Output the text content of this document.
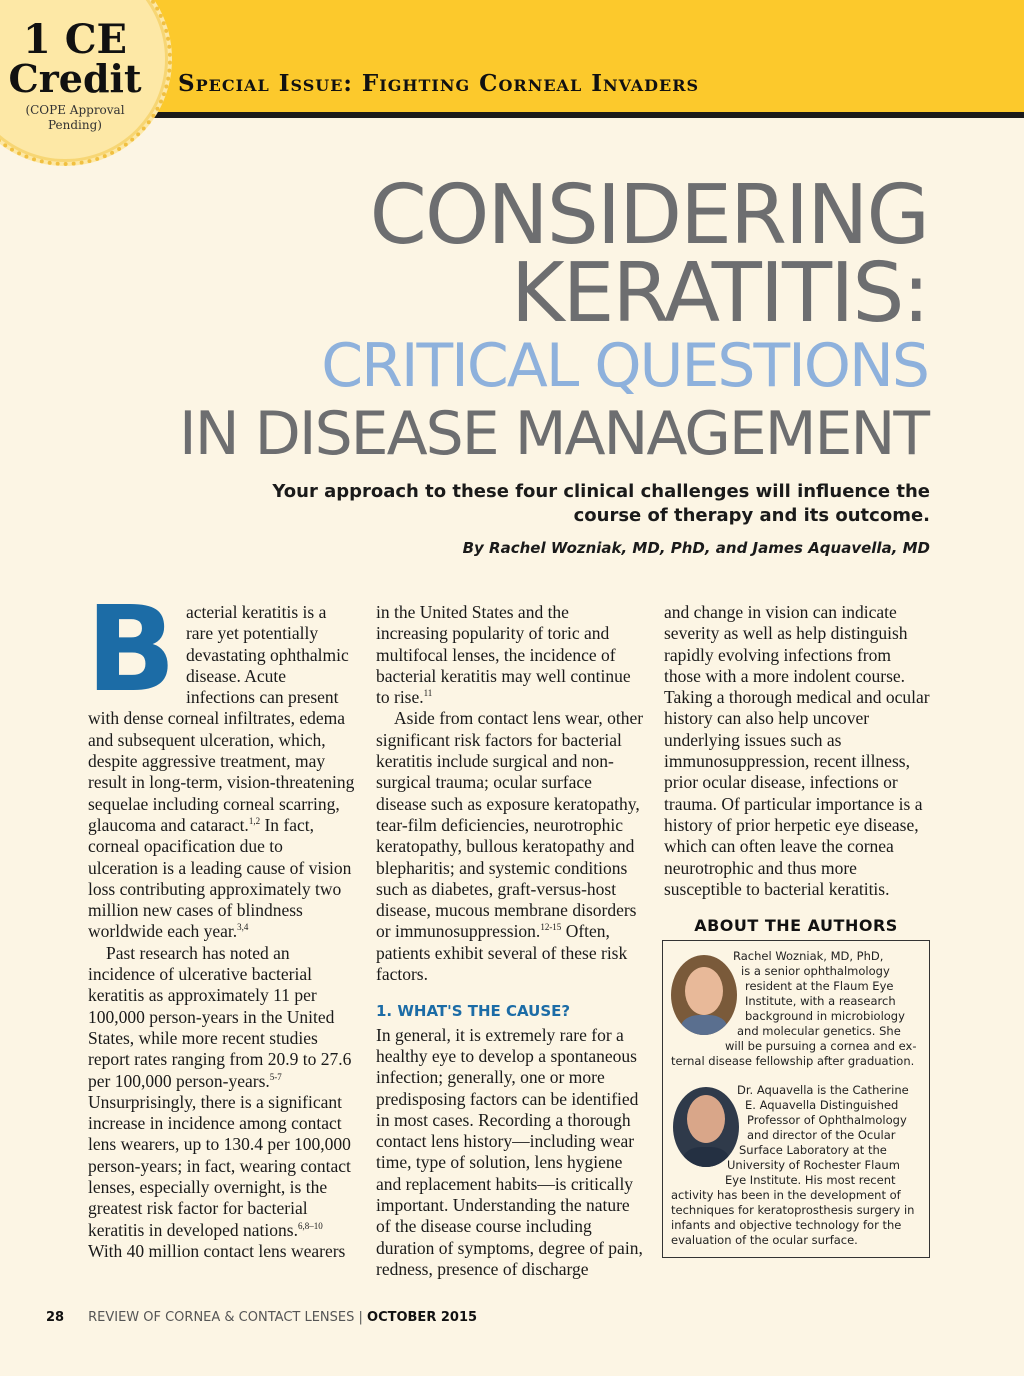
Special Issue: Fighting Corneal Invaders
1 CE
Credit
(COPE Approval
Pending)
CONSIDERING
KERATITIS:
CRITICAL QUESTIONS
IN DISEASE MANAGEMENT
Your approach to these four clinical challenges will influence the course of therapy and its outcome.
By Rachel Wozniak, MD, PhD, and James Aquavella, MD

Bacterial keratitis is a rare yet potentially devastating ophthalmic disease. Acute infections can present with dense corneal infiltrates, edema and subsequent ulceration, which, despite aggressive treatment, may result in long-term, vision-threatening sequelae including corneal scarring, glaucoma and cataract.$^{1,2}$ In fact, corneal opacification due to ulceration is a leading cause of vision loss contributing approximately two million new cases of blindness worldwide each year.$^{3,4}$

Past research has noted an incidence of ulcerative bacterial keratitis as approximately 11 per 100,000 person-years in the United States, while more recent studies report rates ranging from 20.9 to 27.6 per 100,000 person-years.$^{5-7}$ Unsurprisingly, there is a significant increase in incidence among contact lens wearers, up to 130.4 per 100,000 person-years; in fact, wearing contact lenses, especially overnight, is the greatest risk factor for bacterial keratitis in developed nations.$^{6,8-10}$ With 40 million contact lens wearers

in the United States and the increasing popularity of toric and multifocal lenses, the incidence of bacterial keratitis may well continue to rise.$^{11}$

Aside from contact lens wear, other significant risk factors for bacterial keratitis include surgical and non-surgical trauma; ocular surface disease such as exposure keratopathy, tear-film deficiencies, neurotrophic keratopathy, bullous keratopathy and blepharitis; and systemic conditions such as diabetes, graft-versus-host disease, mucous membrane disorders or immunosuppression.$^{12-15}$ Often, patients exhibit several of these risk factors.

1. WHAT'S THE CAUSE?

In general, it is extremely rare for a healthy eye to develop a spontaneous infection; generally, one or more predisposing factors can be identified in most cases. Recording a thorough contact lens history—including wear time, type of solution, lens hygiene and replacement habits—is critically important. Understanding the nature of the disease course including duration of symptoms, degree of pain, redness, presence of discharge

and change in vision can indicate severity as well as help distinguish rapidly evolving infections from those with a more indolent course. Taking a thorough medical and ocular history can also help uncover underlying issues such as immunosuppression, recent illness, prior ocular disease, infections or trauma. Of particular importance is a history of prior herpetic eye disease, which can often leave the cornea neurotrophic and thus more susceptible to bacterial keratitis.

ABOUT THE AUTHORS
Rachel Wozniak, MD, PhD,
is a senior ophthalmology
resident at the Flaum Eye
Institute, with a reasearch
background in microbiology
and molecular genetics. She
will be pursuing a cornea and ex-
ternal disease fellowship after graduation.
Dr. Aquavella is the Catherine
E. Aquavella Distinguished
Professor of Ophthalmology
and director of the Ocular
Surface Laboratory at the
University of Rochester Flaum
Eye Institute. His most recent
activity has been in the development of
techniques for keratoprosthesis surgery in
infants and objective technology for the
evaluation of the ocular surface.
28 REVIEW OF CORNEA & CONTACT LENSES | OCTOBER 2015
